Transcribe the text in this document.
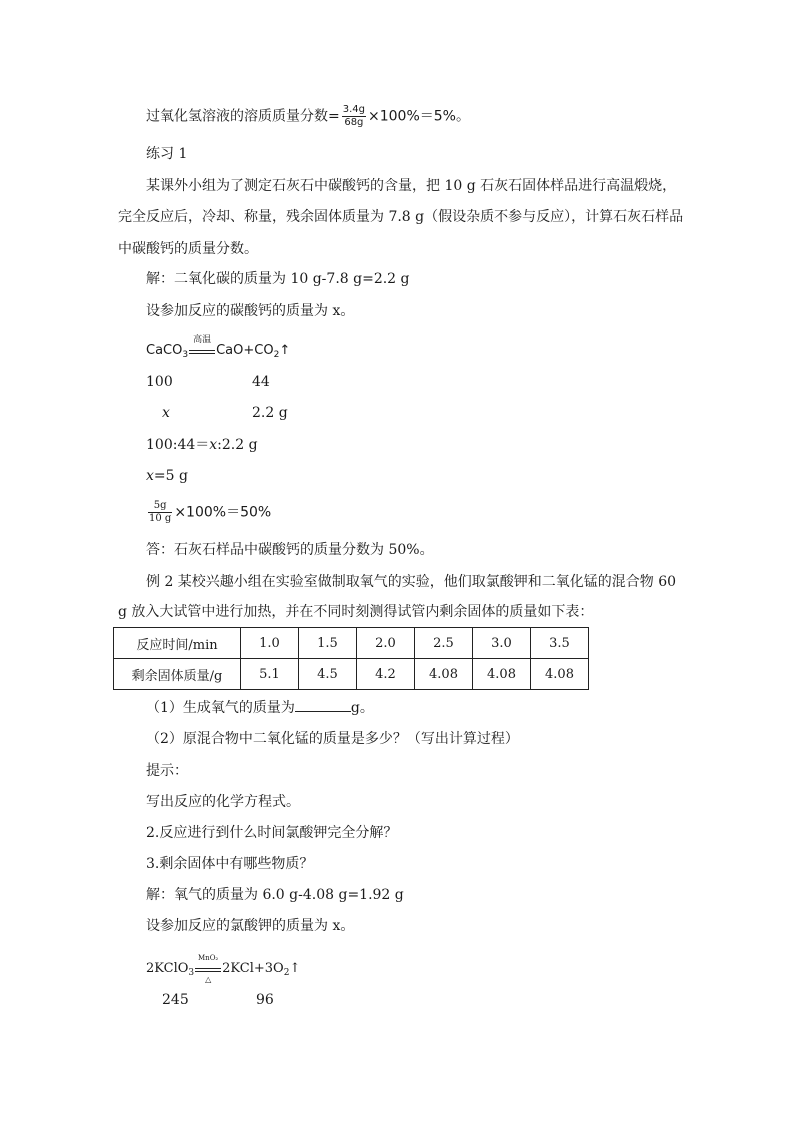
过氧化氢溶液的溶质质量分数= $\frac{3.4g}{68g} \times 100\%=5\%$。
练习 1
某课外小组为了测定石灰石中碳酸钙的含量，把 10 g 石灰石固体样品进行高温煅烧，
完全反应后，冷却、称量，残余固体质量为 7.8 g（假设杂质不参与反应），计算石灰石样品
中碳酸钙的质量分数。
解：二氧化碳的质量为 10 g-7.8 g=2.2 g
设参加反应的碳酸钙的质量为 x。
CaCO$_3$
高温
$CaO+CO_2↑$
100	44
x	2.2 g
100:44＝x:2.2 g
x=5 g
$\frac{5g}{10 g} \times 100\%=50\%$
答：石灰石样品中碳酸钙的质量分数为 50%。
例 2 某校兴趣小组在实验室做制取氧气的实验，他们取氯酸钾和二氧化锰的混合物 60
g 放入大试管中进行加热，并在不同时刻测得试管内剩余固体的质量如下表：
反应时间/min	1.0	1.5	2.0	2.5	3.0	3.5
剩余固体质量/g	5.1	4.5	4.2	4.08	4.08	4.08
（1）生成氧气的质量为	g。
（2）原混合物中二氧化锰的质量是多少？（写出计算过程）
提示：
写出反应的化学方程式。
2.反应进行到什么时间氯酸钾完全分解？
3.剩余固体中有哪些物质？
解：氧气的质量为 6.0 g-4.08 g=1.92 g
设参加反应的氯酸钾的质量为 x。
2KClO$_3$
MnO₂
△
$2KCl+3O_2↑$
245	96
